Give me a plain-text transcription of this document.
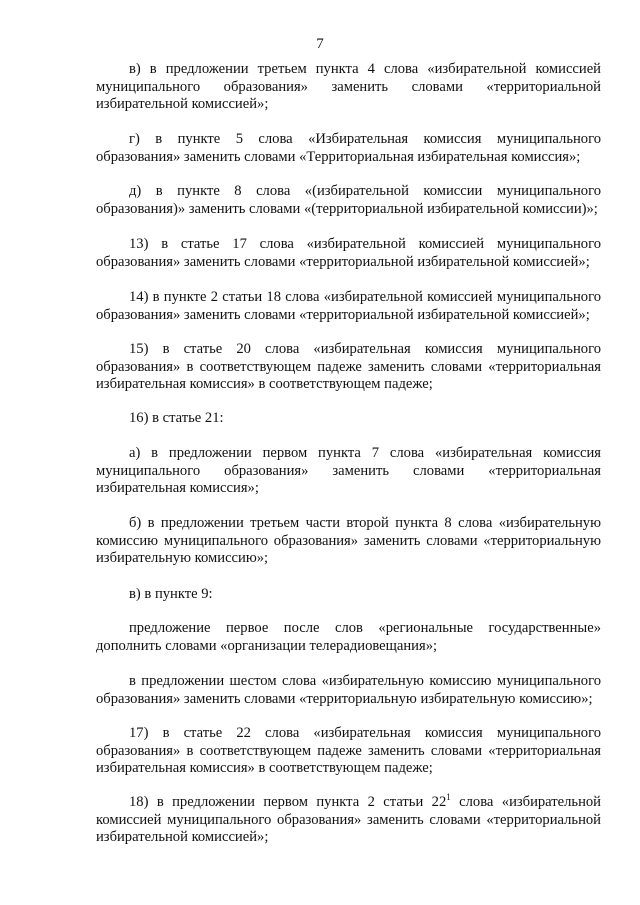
7

в) в предложении третьем пункта 4 слова «избирательной комиссией муниципального образования» заменить словами «территориальной избирательной комиссией»;

г) в пункте 5 слова «Избирательная комиссия муниципального образования» заменить словами «Территориальная избирательная комиссия»;

д) в пункте 8 слова «(избирательной комиссии муниципального образования)» заменить словами «(территориальной избирательной комиссии)»;

13) в статье 17 слова «избирательной комиссией муниципального образования» заменить словами «территориальной избирательной комиссией»;

14) в пункте 2 статьи 18 слова «избирательной комиссией муниципального образования» заменить словами «территориальной избирательной комиссией»;

15) в статье 20 слова «избирательная комиссия муниципального образования» в соответствующем падеже заменить словами «территориальная избирательная комиссия» в соответствующем падеже;

16) в статье 21:

а) в предложении первом пункта 7 слова «избирательная комиссия муниципального образования» заменить словами «территориальная избирательная комиссия»;

б) в предложении третьем части второй пункта 8 слова «избирательную комиссию муниципального образования» заменить словами «территориальную избирательную комиссию»;

в) в пункте 9:

предложение первое после слов «региональные государственные» дополнить словами «организации телерадиовещания»;

в предложении шестом слова «избирательную комиссию муниципального образования» заменить словами «территориальную избирательную комиссию»;

17) в статье 22 слова «избирательная комиссия муниципального образования» в соответствующем падеже заменить словами «территориальная избирательная комиссия» в соответствующем падеже;

18) в предложении первом пункта 2 статьи $22^1$ слова «избирательной комиссией муниципального образования» заменить словами «территориальной избирательной комиссией»;
